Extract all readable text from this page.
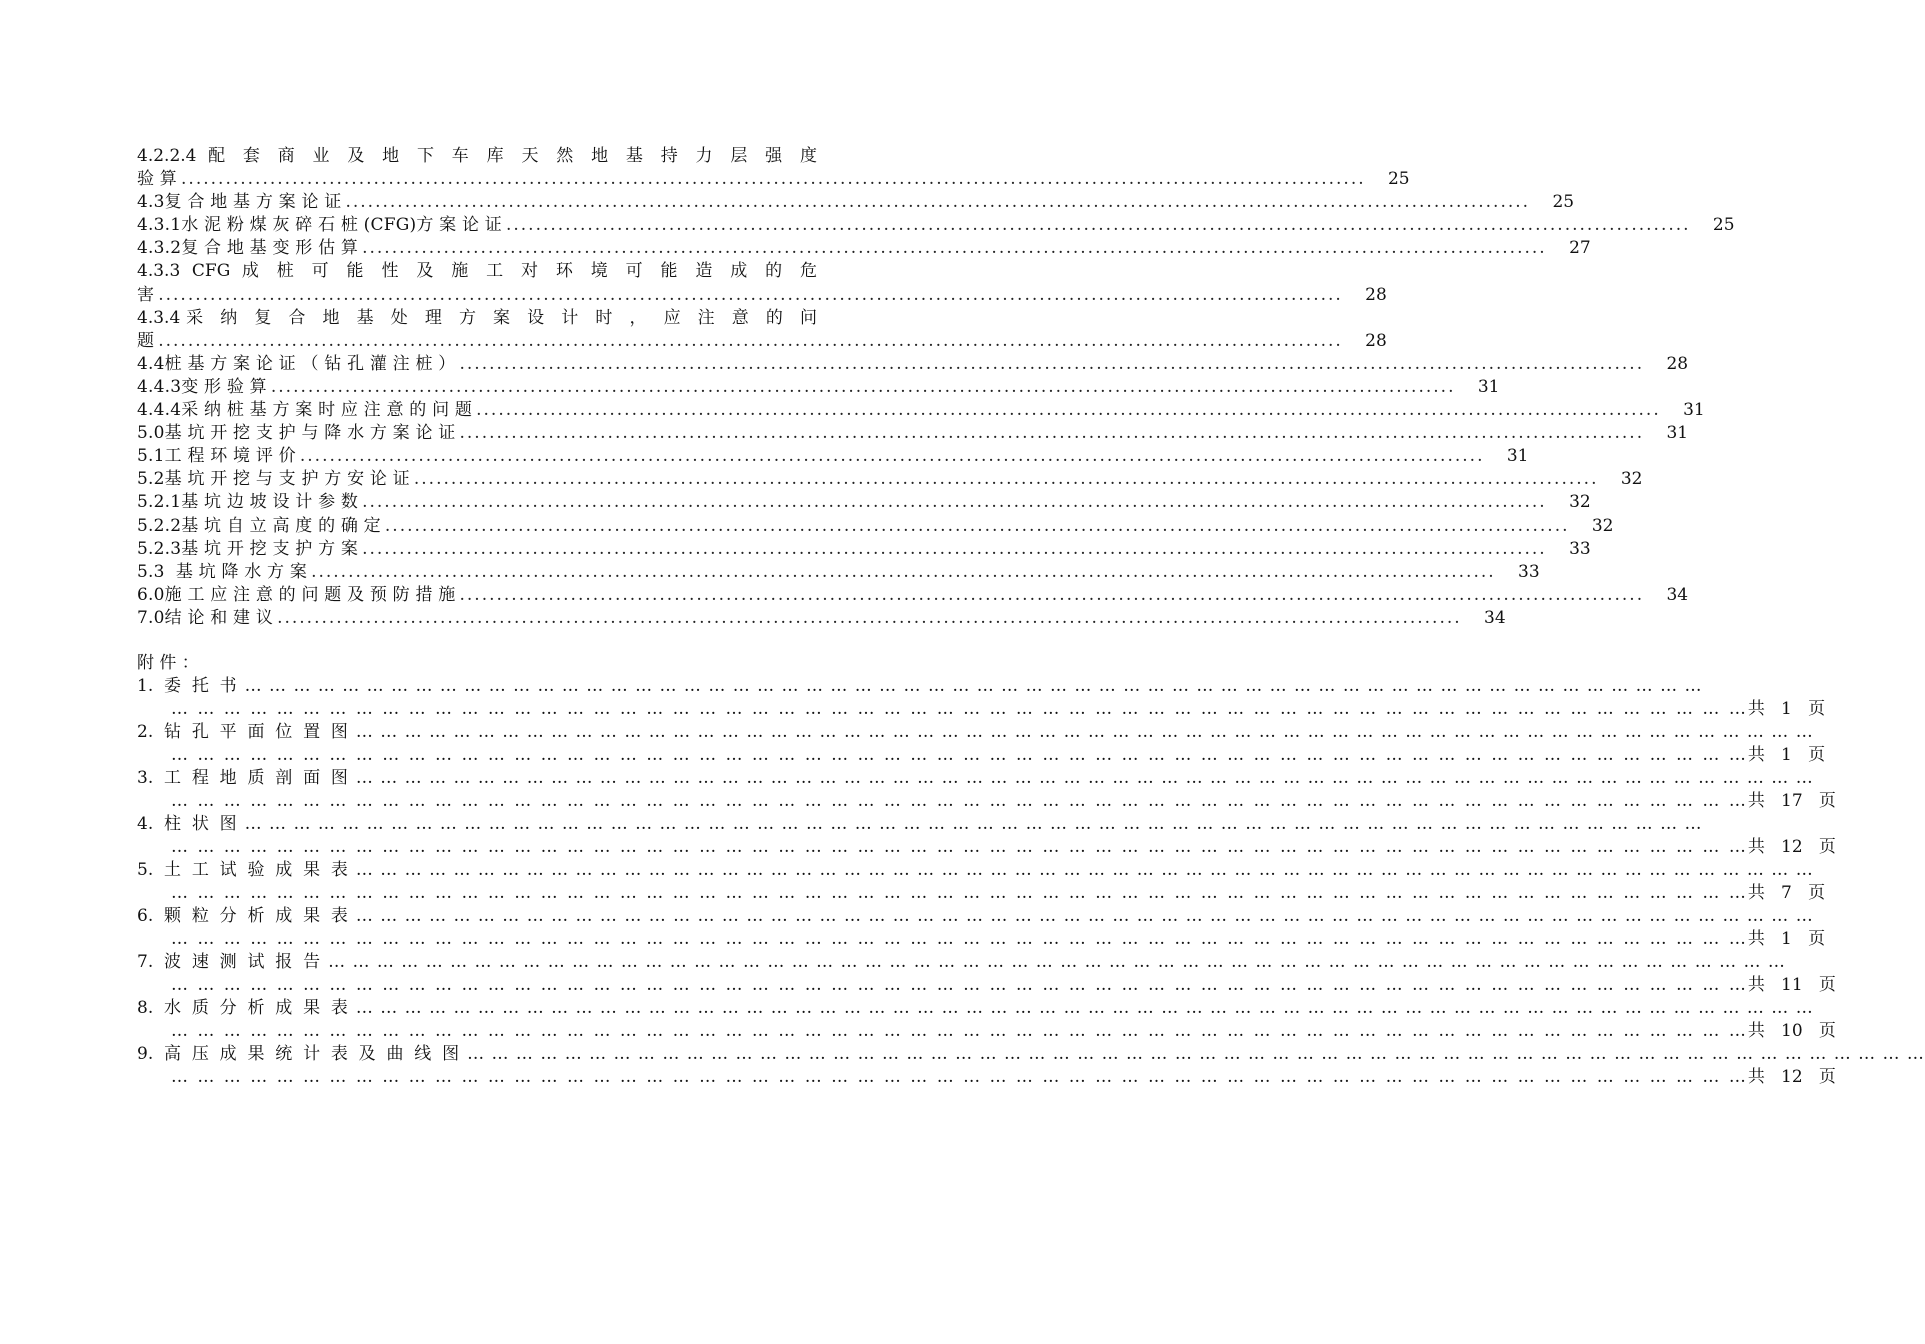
4.2.2.4 配 套 商 业 及 地 下 车 库 天 然 地 基 持 力 层 强 度
验 算 ................................................................................................................................................................	25
4.3复 合 地 基 方 案 论 证 ................................................................................................................................................................	25
4.3.1水 泥 粉 煤 灰 碎 石 桩 (CFG)方 案 论 证 ................................................................................................................................................................	25
4.3.2复 合 地 基 变 形 估 算 ................................................................................................................................................................	27
4.3.3 CFG 成 桩 可 能 性 及 施 工 对 环 境 可 能 造 成 的 危
害 ................................................................................................................................................................	28
4.3.4采 纳 复 合 地 基 处 理 方 案 设 计 时 ， 应 注 意 的 问
题 ................................................................................................................................................................	28
4.4桩 基 方 案 论 证 （ 钻 孔 灌 注 桩 ） ................................................................................................................................................................	28
4.4.3变 形 验 算 ................................................................................................................................................................	31
4.4.4采 纳 桩 基 方 案 时 应 注 意 的 问 题 ................................................................................................................................................................	31
5.0基 坑 开 挖 支 护 与 降 水 方 案 论 证 ................................................................................................................................................................	31
5.1工 程 环 境 评 价 ................................................................................................................................................................	31
5.2基 坑 开 挖 与 支 护 方 安 论 证 ................................................................................................................................................................	32
5.2.1基 坑 边 坡 设 计 参 数 ................................................................................................................................................................	32
5.2.2基 坑 自 立 高 度 的 确 定 ................................................................................................................................................................	32
5.2.3基 坑 开 挖 支 护 方 案 ................................................................................................................................................................	33
5.3  基 坑 降 水 方 案 ................................................................................................................................................................	33
6.0施 工 应 注 意 的 问 题 及 预 防 措 施 ................................................................................................................................................................	34
7.0结 论 和 建 议 ................................................................................................................................................................	34
附 件 ：
1.  委  托  书 … … … … … … … … … … … … … … … … … … … … … … … … … … … … … … … … … … … … … … … … … … … … … … … … … … … … … … … … … … … …
… … … … … … … … … … … … … … … … … … … … … … … … … … … … … … … … … … … … … … … … … … … … … … … … … … … … … … … … … … … … 共   1   页
2.  钻  孔  平  面  位  置  图 … … … … … … … … … … … … … … … … … … … … … … … … … … … … … … … … … … … … … … … … … … … … … … … … … … … … … … … … … … … …
… … … … … … … … … … … … … … … … … … … … … … … … … … … … … … … … … … … … … … … … … … … … … … … … … … … … … … … … … … … … 共   1   页
3.  工  程  地  质  剖  面  图 … … … … … … … … … … … … … … … … … … … … … … … … … … … … … … … … … … … … … … … … … … … … … … … … … … … … … … … … … … … …
… … … … … … … … … … … … … … … … … … … … … … … … … … … … … … … … … … … … … … … … … … … … … … … … … … … … … … … … … … … … 共   17   页
4.  柱  状  图 … … … … … … … … … … … … … … … … … … … … … … … … … … … … … … … … … … … … … … … … … … … … … … … … … … … … … … … … … … … …
… … … … … … … … … … … … … … … … … … … … … … … … … … … … … … … … … … … … … … … … … … … … … … … … … … … … … … … … … … … … 共   12   页
5.  土  工  试  验  成  果  表 … … … … … … … … … … … … … … … … … … … … … … … … … … … … … … … … … … … … … … … … … … … … … … … … … … … … … … … … … … … …
… … … … … … … … … … … … … … … … … … … … … … … … … … … … … … … … … … … … … … … … … … … … … … … … … … … … … … … … … … … … 共   7   页
6.  颗  粒  分  析  成  果  表 … … … … … … … … … … … … … … … … … … … … … … … … … … … … … … … … … … … … … … … … … … … … … … … … … … … … … … … … … … … …
… … … … … … … … … … … … … … … … … … … … … … … … … … … … … … … … … … … … … … … … … … … … … … … … … … … … … … … … … … … … 共   1   页
7.  波  速  测  试  报  告 … … … … … … … … … … … … … … … … … … … … … … … … … … … … … … … … … … … … … … … … … … … … … … … … … … … … … … … … … … … …
… … … … … … … … … … … … … … … … … … … … … … … … … … … … … … … … … … … … … … … … … … … … … … … … … … … … … … … … … … … … 共   11   页
8.  水  质  分  析  成  果  表 … … … … … … … … … … … … … … … … … … … … … … … … … … … … … … … … … … … … … … … … … … … … … … … … … … … … … … … … … … … …
… … … … … … … … … … … … … … … … … … … … … … … … … … … … … … … … … … … … … … … … … … … … … … … … … … … … … … … … … … … … 共   10   页
9.  高  压  成  果  统  计  表  及  曲  线  图 … … … … … … … … … … … … … … … … … … … … … … … … … … … … … … … … … … … … … … … … … … … … … … … … … … … … … … … … … … … …
… … … … … … … … … … … … … … … … … … … … … … … … … … … … … … … … … … … … … … … … … … … … … … … … … … … … … … … … … … … … 共   12   页
